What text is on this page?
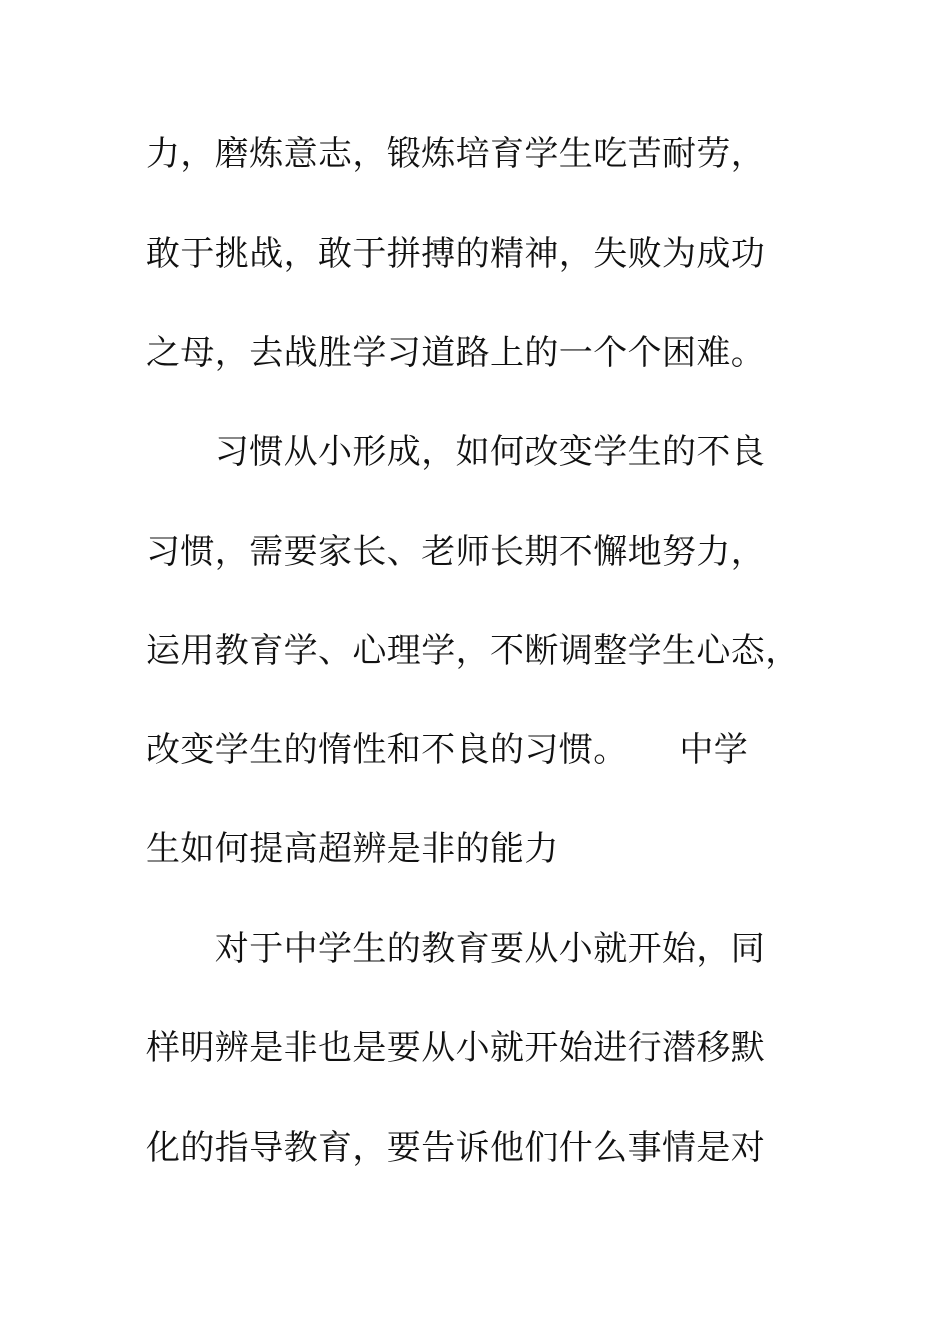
力，磨炼意志，锻炼培育学生吃苦耐劳，
敢于挑战，敢于拼搏的精神，失败为成功
之母，去战胜学习道路上的一个个困难。
　　习惯从小形成，如何改变学生的不良
习惯，需要家长、老师长期不懈地努力，
运用教育学、心理学，不断调整学生心态，
改变学生的惰性和不良的习惯。　　中学
生如何提高超辨是非的能力
　　对于中学生的教育要从小就开始，同
样明辨是非也是要从小就开始进行潜移默
化的指导教育，要告诉他们什么事情是对
